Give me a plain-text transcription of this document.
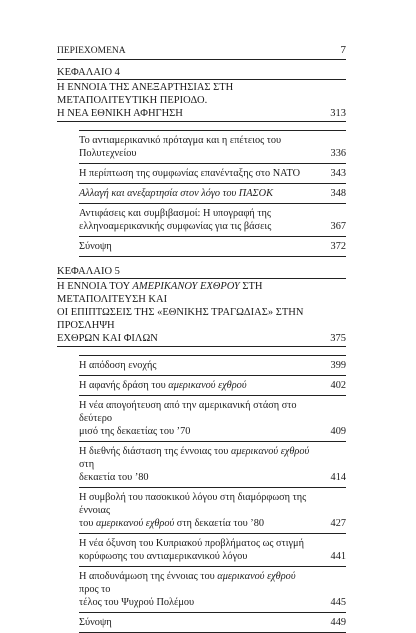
ΠΕΡΙΕΧΟΜΕΝΑ	7
ΚΕΦΑΛΑΙΟ 4
Η ΕΝΝΟΙΑ ΤΗΣ ΑΝΕΞΑΡΤΗΣΙΑΣ ΣΤΗ ΜΕΤΑΠΟΛΙΤΕΥΤΙΚΗ ΠΕΡΙΟΔΟ.
Η ΝΕΑ ΕΘΝΙΚΗ ΑΦΗΓΗΣΗ	313
Το αντιαμερικανικό πρόταγμα και η επέτειος του
Πολυτεχνείου	336
Η περίπτωση της συμφωνίας επανένταξης στο ΝΑΤΟ	343
Αλλαγή και ανεξαρτησία στον λόγο του ΠΑΣΟΚ	348
Αντιφάσεις και συμβιβασμοί: Η υπογραφή της
ελληνοαμερικανικής συμφωνίας για τις βάσεις	367
Σύνοψη	372
ΚΕΦΑΛΑΙΟ 5
Η ΕΝΝΟΙΑ ΤΟΥ ΑΜΕΡΙΚΑΝΟΥ ΕΧΘΡΟΥ ΣΤΗ ΜΕΤΑΠΟΛΙΤΕΥΣΗ ΚΑΙ
ΟΙ ΕΠΙΠΤΩΣΕΙΣ ΤΗΣ «ΕΘΝΙΚΗΣ ΤΡΑΓΩΔΙΑΣ» ΣΤΗΝ ΠΡΟΣΛΗΨΗ
ΕΧΘΡΩΝ ΚΑΙ ΦΙΛΩΝ	375
Η απόδοση ενοχής	399
Η αφανής δράση του αμερικανού εχθρού	402
Η νέα απογοήτευση από την αμερικανική στάση στο δεύτερο
μισό της δεκαετίας του ’70	409
Η διεθνής διάσταση της έννοιας του αμερικανού εχθρού στη
δεκαετία του ’80	414
Η συμβολή του πασοκικού λόγου στη διαμόρφωση της έννοιας
του αμερικανού εχθρού στη δεκαετία του ’80	427
Η νέα όξυνση του Κυπριακού προβλήματος ως στιγμή
κορύφωσης του αντιαμερικανικού λόγου	441
Η αποδυνάμωση της έννοιας του αμερικανού εχθρού προς το
τέλος του Ψυχρού Πολέμου	445
Σύνοψη	449
